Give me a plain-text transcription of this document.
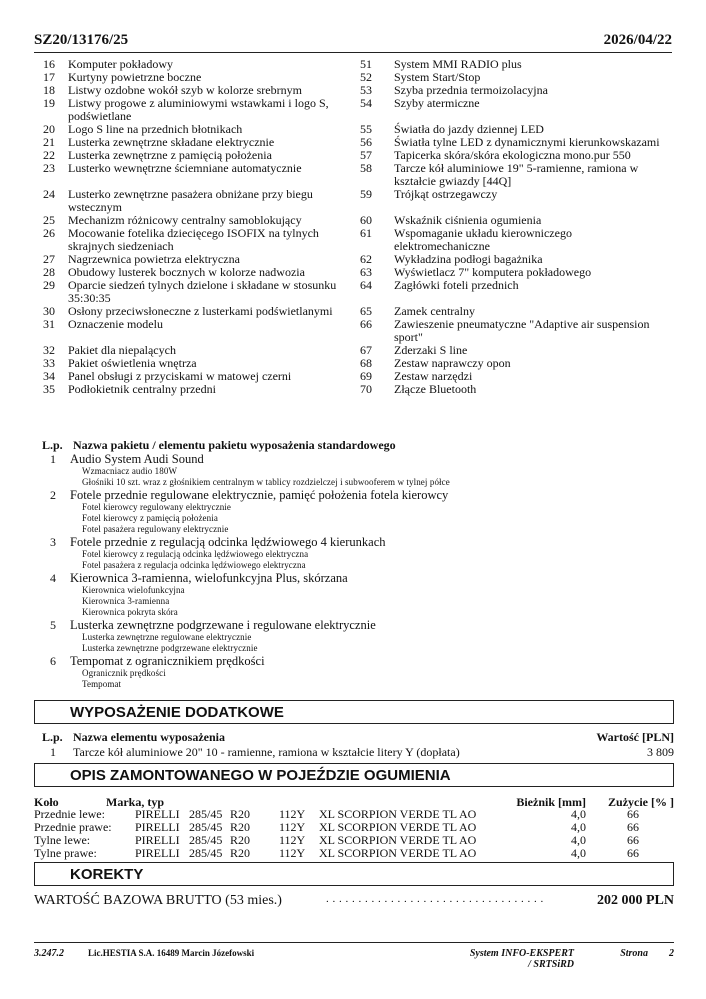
SZ20/13176/25	2026/04/22
16	Komputer pokładowy	51	System MMI RADIO plus
17	Kurtyny powietrzne boczne	52	System Start/Stop
18	Listwy ozdobne wokół szyb w kolorze srebrnym	53	Szyba przednia termoizolacyjna
19	Listwy progowe z aluminiowymi wstawkami i logo S, podświetlane
54	Szyby atermiczne
20	Logo S line na przednich błotnikach	55	Światła do jazdy dziennej LED
21	Lusterka zewnętrzne składane elektrycznie	56	Światła tylne LED z dynamicznymi kierunkowskazami
22	Lusterka zewnętrzne z pamięcią położenia	57	Tapicerka skóra/skóra ekologiczna mono.pur 550
23	Lusterko wewnętrzne ściemniane automatycznie	58	Tarcze kół aluminiowe 19" 5-ramienne, ramiona w kształcie gwiazdy [44Q]
24	Lusterko zewnętrzne pasażera obniżane przy biegu wstecznym
59	Trójkąt ostrzegawczy
25	Mechanizm różnicowy centralny samoblokujący	60	Wskaźnik ciśnienia ogumienia
26	Mocowanie fotelika dziecięcego ISOFIX na tylnych skrajnych siedzeniach
61	Wspomaganie układu kierowniczego elektromechaniczne
27	Nagrzewnica powietrza elektryczna	62	Wykładzina podłogi bagażnika
28	Obudowy lusterek bocznych w kolorze nadwozia	63	Wyświetlacz 7" komputera pokładowego
29	Oparcie siedzeń tylnych dzielone i składane w stosunku 35:30:35
64	Zagłówki foteli przednich
30	Osłony przeciwsłoneczne z lusterkami podświetlanymi	65	Zamek centralny
31	Oznaczenie modelu	66	Zawieszenie pneumatyczne "Adaptive air suspension sport"
32	Pakiet dla niepalących	67	Zderzaki S line
33	Pakiet oświetlenia wnętrza	68	Zestaw naprawczy opon
34	Panel obsługi z przyciskami w matowej czerni	69	Zestaw narzędzi
35	Podłokietnik centralny przedni	70	Złącze Bluetooth
L.p. Nazwa pakietu / elementu pakietu wyposażenia standardowego
1	Audio System Audi Sound
Wzmacniacz audio 180W
Głośniki 10 szt. wraz z głośnikiem centralnym w tablicy rozdzielczej i subwooferem w tylnej półce
2	Fotele przednie regulowane elektrycznie, pamięć położenia fotela kierowcy
Fotel kierowcy regulowany elektrycznie
Fotel kierowcy z pamięcią położenia
Fotel pasażera regulowany elektrycznie
3	Fotele przednie z regulacją odcinka lędźwiowego 4 kierunkach
Fotel kierowcy z regulacją odcinka lędźwiowego elektryczna
Fotel pasażera z regulacja odcinka lędźwiowego elektryczna
4	Kierownica 3-ramienna, wielofunkcyjna Plus, skórzana
Kierownica wielofunkcyjna
Kierownica 3-ramienna
Kierownica pokryta skóra
5	Lusterka zewnętrzne podgrzewane i regulowane elektrycznie
Lusterka zewnętrzne regulowane elektrycznie
Lusterka zewnętrzne podgrzewane elektrycznie
6	Tempomat z ogranicznikiem prędkości
Ogranicznik prędkości
Tempomat
WYPOSAŻENIE DODATKOWE
L.p. Nazwa elementu wyposażenia	Wartość [PLN]
1 Tarcze kół aluminiowe 20" 10 - ramienne, ramiona w kształcie litery Y (dopłata)	3 809
OPIS ZAMONTOWANEGO W POJEŹDZIE OGUMIENIA
Koło	Marka, typ	Bieżnik [mm] Zużycie [% ]
Przednie lewe:	PIRELLI 285/45 R20 112Y XL SCORPION VERDE TL AO	4,0	66
Przednie prawe: PIRELLI 285/45 R20 112Y XL SCORPION VERDE TL AO	4,0	66
Tylne lewe:	PIRELLI 285/45 R20 112Y XL SCORPION VERDE TL AO	4,0	66
Tylne prawe:	PIRELLI 285/45 R20 112Y XL SCORPION VERDE TL AO	4,0	66
KOREKTY
WARTOŚĆ BAZOWA BRUTTO (53 mies.)	. . . . . . . . . . . . . . . . . . . . . . . . . . . . . . . . . .	202 000 PLN
3.247.2	Lic.HESTIA S.A. 16489 Marcin Józefowski	System INFO-EKSPERT
/ SRTSiRD
Strona 2
